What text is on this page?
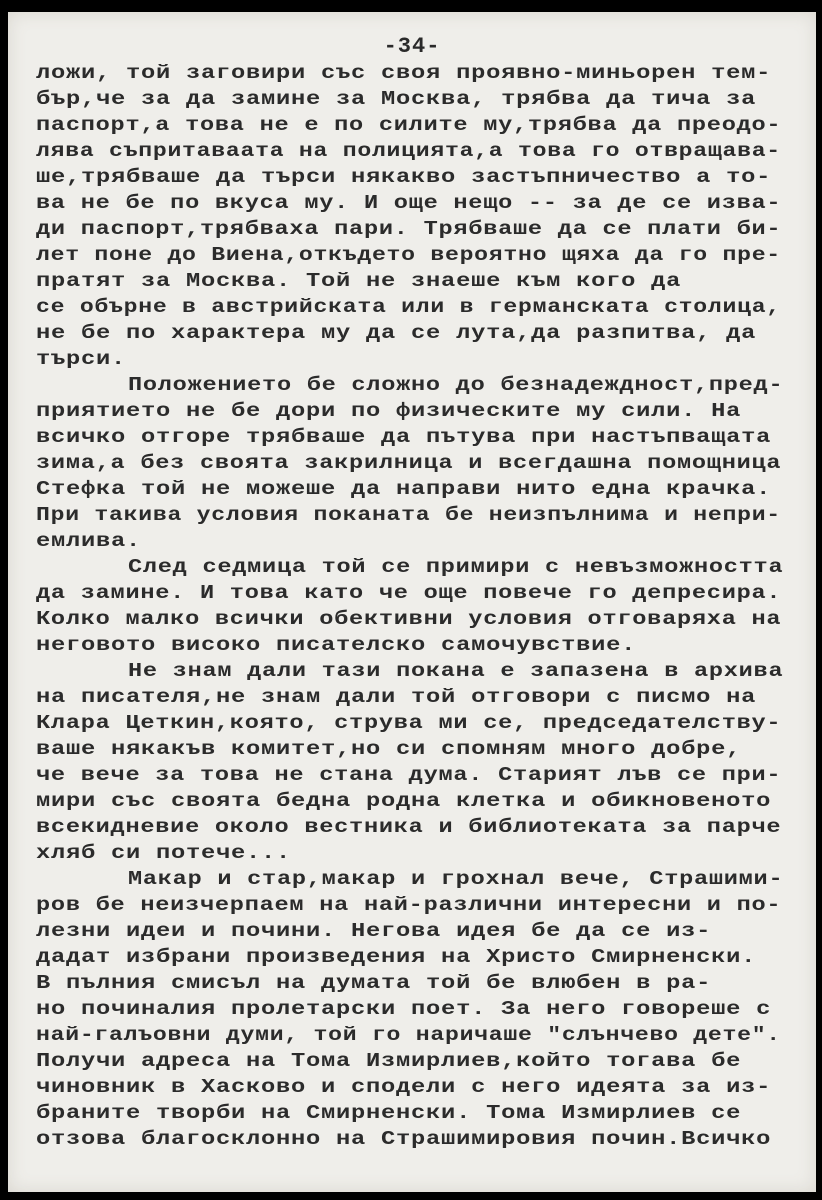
-34-
ложи, той заговири със своя проявно-миньорен тем-
бър,че за да замине за Москва, трябва да тича за
паспорт,а това не е по силите му,трябва да преодо-
лява съпритаваата на полицията,а това го отвращава-
ше,трябваше да търси някакво застъпничество а то-
ва не бе по вкуса му. И още нещо -- за де се изва-
ди паспорт,трябваха пари. Трябваше да се плати би-
лет поне до Виена,откъдето вероятно щяха да го пре-
пратят за Москва. Той не знаеше към кого да
се обърне в австрийската или в германската столица,
не бе по характера му да се лута,да разпитва, да
търси.
Положението бе сложно до безнадеждност,пред-
приятието не бе дори по физическите му сили. На
всичко отгоре трябваше да пътува при настъпващата
зима,а без своята закрилница и всегдашна помощница
Стефка той не можеше да направи нито една крачка.
При такива условия поканата бе неизпълнима и непри-
емлива.
След седмица той се примири с невъзможността
да замине. И това като че още повече го депресира.
Колко малко всички обективни условия отговаряха на
неговото високо писателско самочувствие.
Не знам дали тази покана е запазена в архива
на писателя,не знам дали той отговори с писмо на
Клара Цеткин,която, струва ми се, председателству-
ваше някакъв комитет,но си спомням много добре,
че вече за това не стана дума. Старият лъв се при-
мири със своята бедна родна клетка и обикновеното
всекидневие около вестника и библиотеката за парче
хляб си потече...
Макар и стар,макар и грохнал вече, Страшими-
ров бе неизчерпаем на най-различни интересни и по-
лезни идеи и почини. Негова идея бе да се из-
дадат избрани произведения на Христо Смирненски.
В пълния смисъл на думата той бе влюбен в ра-
но починалия пролетарски поет. За него говореше с
най-галъовни думи, той го наричаше "слънчево дете".
Получи адреса на Тома Измирлиев,който тогава бе
чиновник в Хасково и сподели с него идеята за из-
браните творби на Смирненски. Тома Измирлиев се
отзова благосклонно на Страшимировия почин.Всичко
